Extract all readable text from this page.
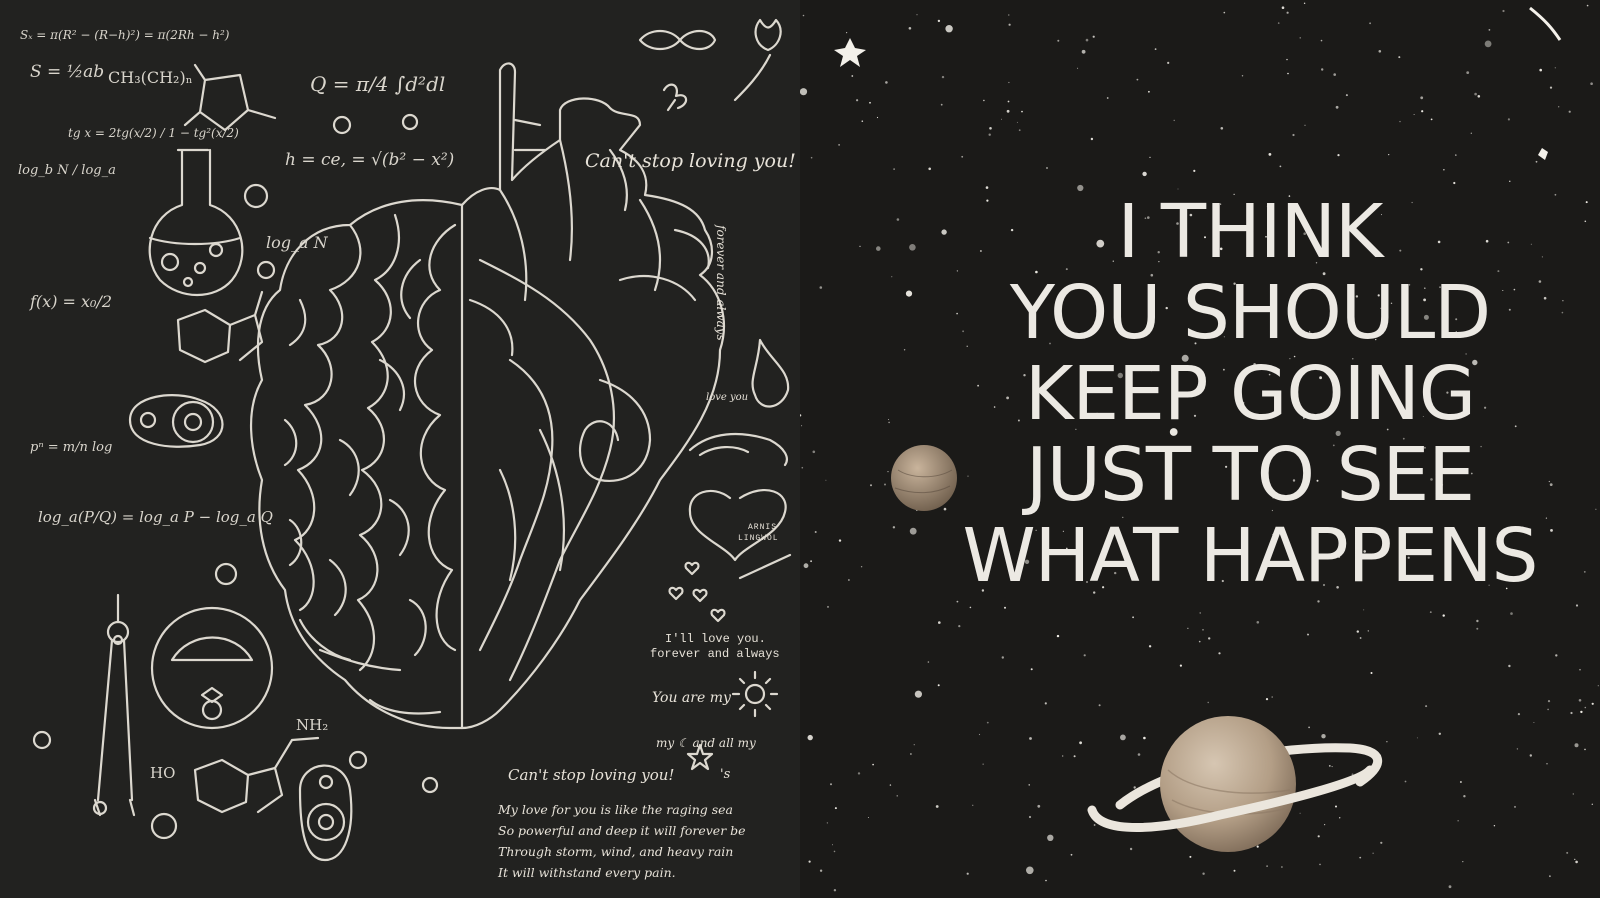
S = ½ab CH₃(CH₂)ₙ	Q = π/4 ∫d²dl
h = ce, = √(b² − x²)
log_b N / log_a
log_a N
f(x) = x₀/2
log_a(P/Q) = log_a P − log_a Q
pⁿ = m/n log
NH₂
HO
tg x = 2tg(x/2) / 1 − tg²(x/2)
Sₓ = π(R² − (R−h)²) = π(2Rh − h²)
Can't stop loving you!
forever and always
love you
ARNIS
LINGWOL
I'll love you.
forever and always
You are my
my ☾ and all my
Can't stop loving you!	's
My love for you is like the raging sea
So powerful and deep it will forever be
Through storm, wind, and heavy rain
It will withstand every pain.
I THINK
YOU SHOULD
KEEP GOING
JUST TO SEE
WHAT HAPPENS
